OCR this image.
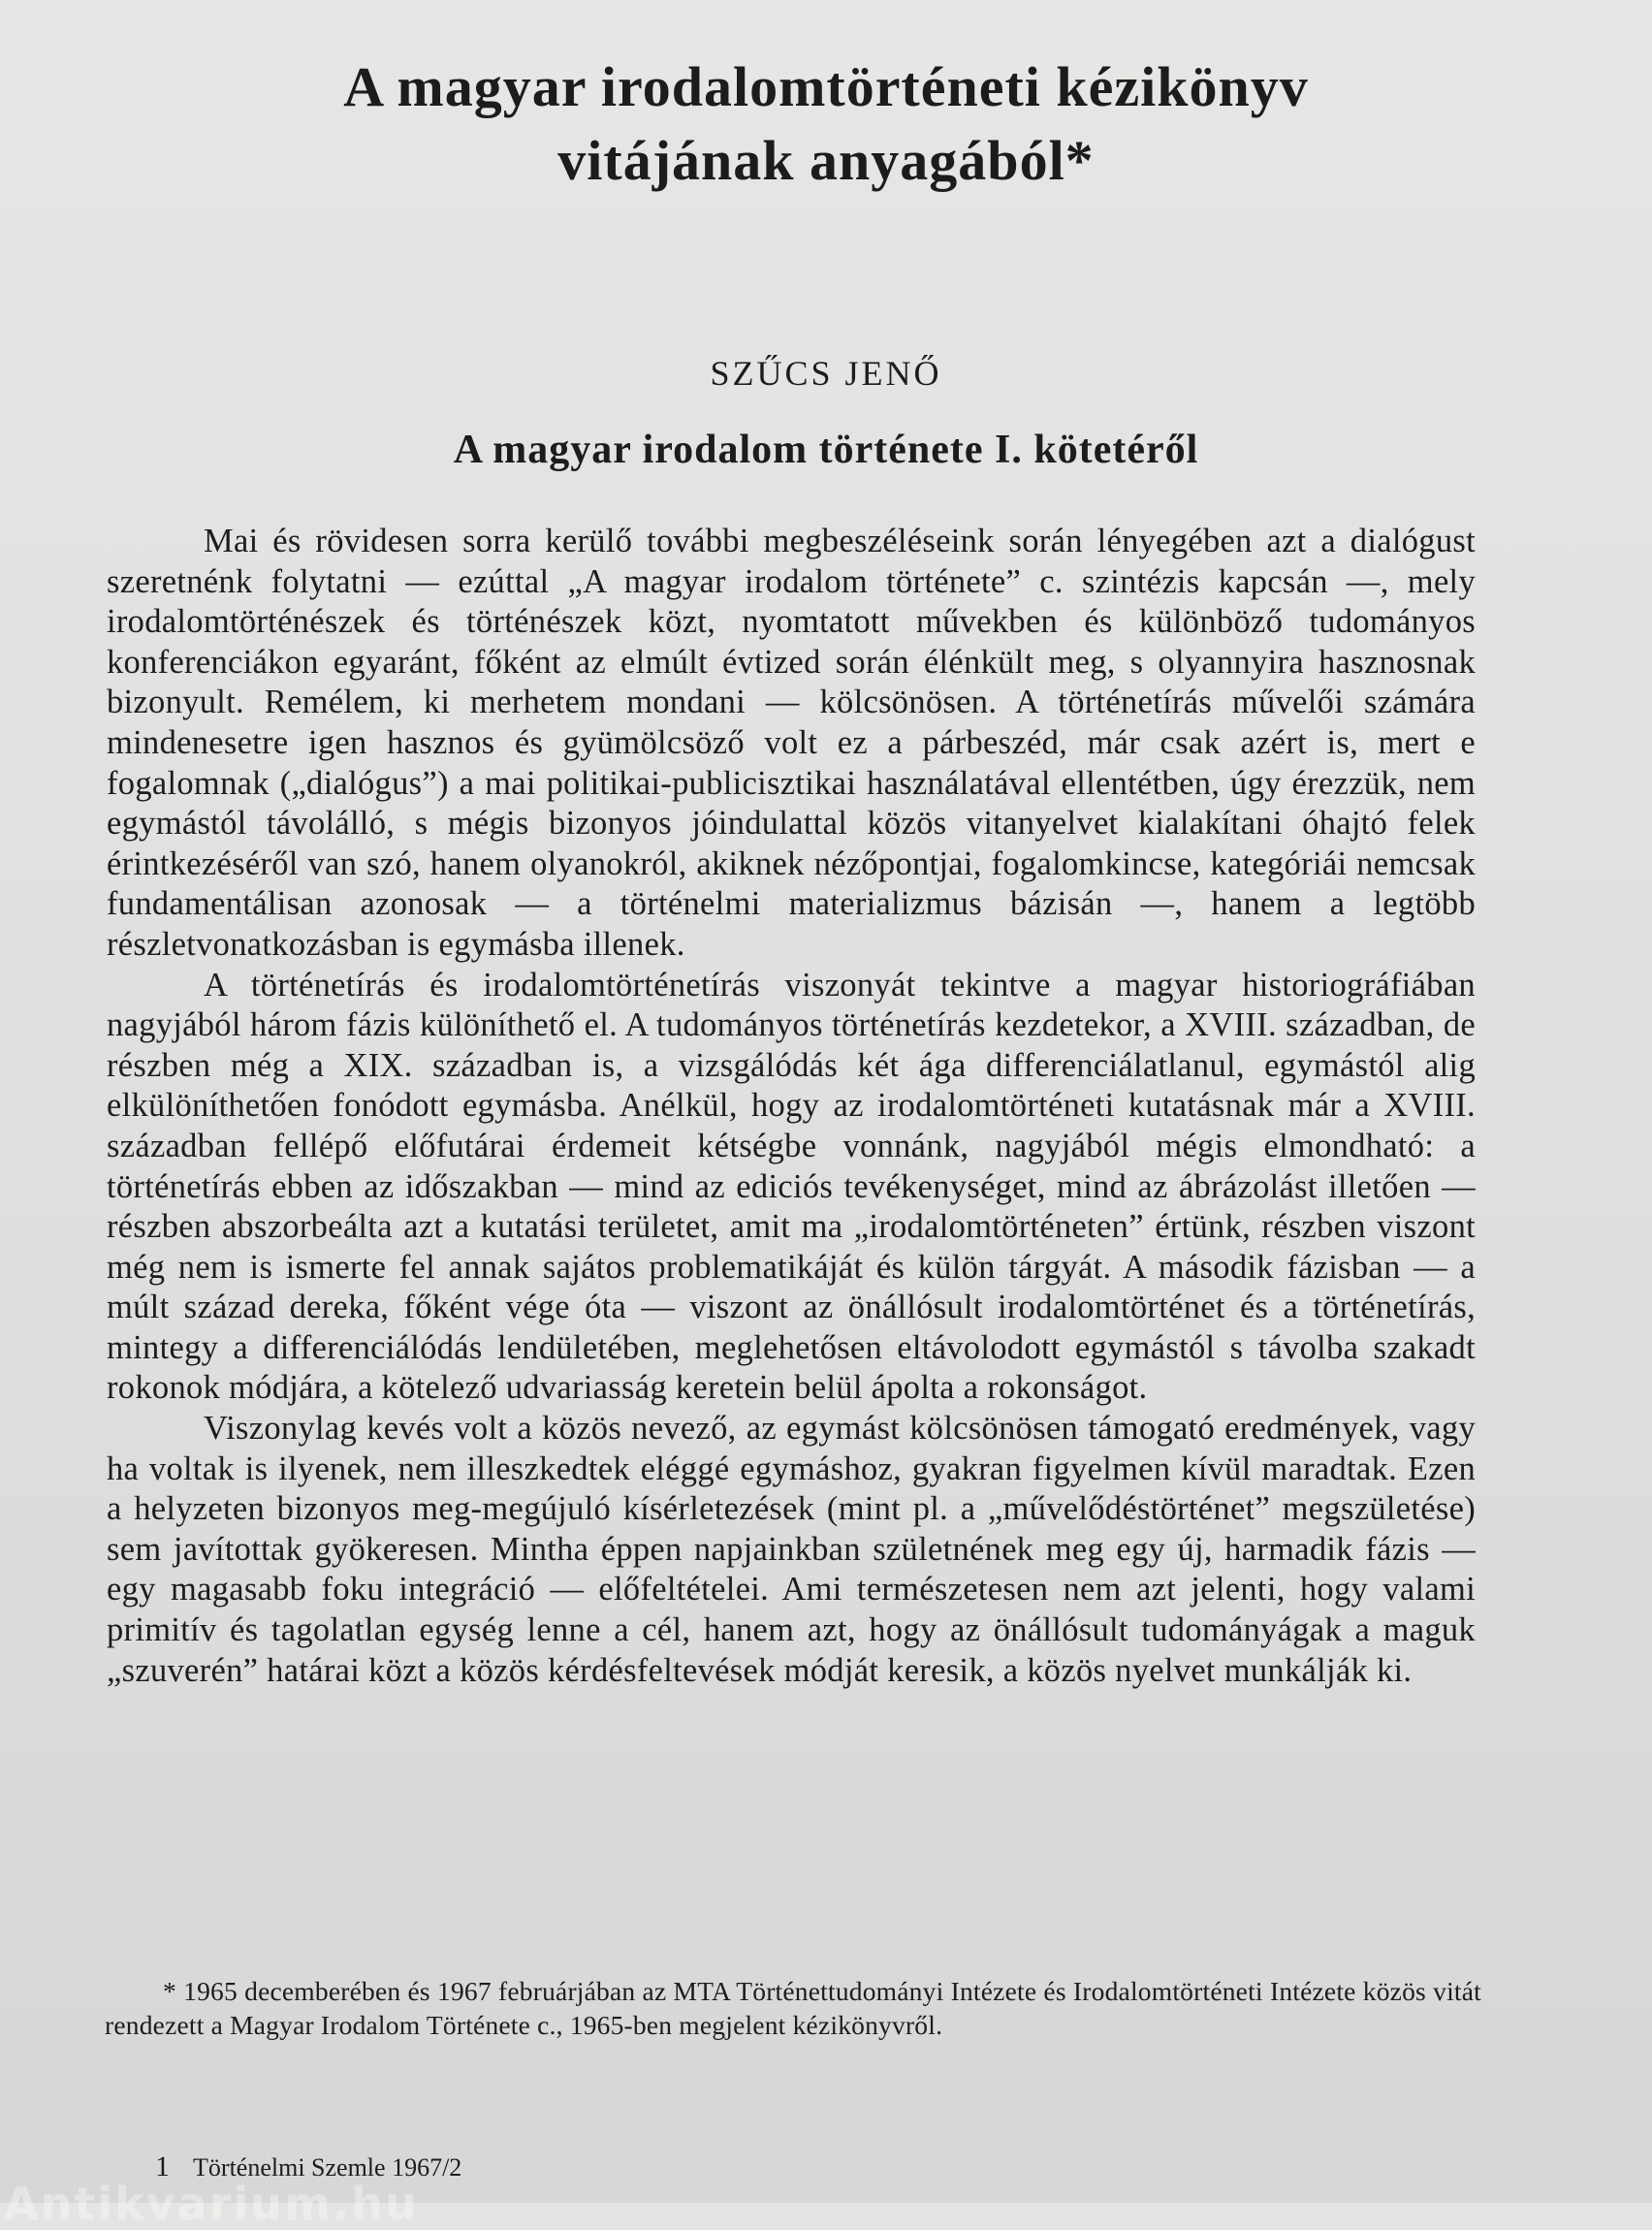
A magyar irodalomtörténeti kézikönyv
vitájának anyagából*

SZŰCS JENŐ

A magyar irodalom története I. kötetéről

Mai és rövidesen sorra kerülő további megbeszéléseink során lényegében azt a dialógust szeretnénk folytatni — ezúttal „A magyar irodalom története” c. szintézis kapcsán —, mely irodalomtörténészek és történészek közt, nyomtatott művekben és különböző tudományos konferenciákon egyaránt, főként az elmúlt évtized során élénkült meg, s olyannyira hasznosnak bizonyult. Remélem, ki merhetem mondani — kölcsönösen. A történetírás művelői számára mindenesetre igen hasznos és gyümölcsöző volt ez a párbeszéd, már csak azért is, mert e fogalomnak („dialógus”) a mai politikai-publicisztikai használatával ellentétben, úgy érezzük, nem egymástól távolálló, s mégis bizonyos jóindulattal közös vitanyelvet kialakítani óhajtó felek érintkezéséről van szó, hanem olyanokról, akiknek nézőpontjai, fogalomkincse, kategóriái nemcsak fundamentálisan azonosak — a történelmi materializmus bázisán —, hanem a legtöbb részletvonatkozásban is egymásba illenek.

A történetírás és irodalomtörténetírás viszonyát tekintve a magyar historiográfiában nagyjából három fázis különíthető el. A tudományos történetírás kezdetekor, a XVIII. században, de részben még a XIX. században is, a vizsgálódás két ága differenciálatlanul, egymástól alig elkülöníthetően fonódott egymásba. Anélkül, hogy az irodalomtörténeti kutatásnak már a XVIII. században fellépő előfutárai érdemeit kétségbe vonnánk, nagyjából mégis elmondható: a történetírás ebben az időszakban — mind az ediciós tevékenységet, mind az ábrázolást illetően — részben abszorbeálta azt a kutatási területet, amit ma „irodalomtörténeten” értünk, részben viszont még nem is ismerte fel annak sajátos problematikáját és külön tárgyát. A második fázisban — a múlt század dereka, főként vége óta — viszont az önállósult irodalomtörténet és a történetírás, mintegy a differenciálódás lendületében, meglehetősen eltávolodott egymástól s távolba szakadt rokonok módjára, a kötelező udvariasság keretein belül ápolta a rokonságot.

Viszonylag kevés volt a közös nevező, az egymást kölcsönösen támogató eredmények, vagy ha voltak is ilyenek, nem illeszkedtek eléggé egymáshoz, gyakran figyelmen kívül maradtak. Ezen a helyzeten bizonyos meg-megújuló kísérletezések (mint pl. a „művelődéstörténet” megszületése) sem javítottak gyökeresen. Mintha éppen napjainkban születnének meg egy új, harmadik fázis — egy magasabb foku integráció — előfeltételei. Ami természetesen nem azt jelenti, hogy valami primitív és tagolatlan egység lenne a cél, hanem azt, hogy az önállósult tudományágak a maguk „szuverén” határai közt a közös kérdésfeltevések módját keresik, a közös nyelvet munkálják ki.

* 1965 decemberében és 1967 februárjában az MTA Történettudományi Intézete és Irodalomtörténeti Intézete közös vitát rendezett a Magyar Irodalom Története c., 1965-ben megjelent kézikönyvről.

1 Történelmi Szemle 1967/2

Antikvarium.hu
